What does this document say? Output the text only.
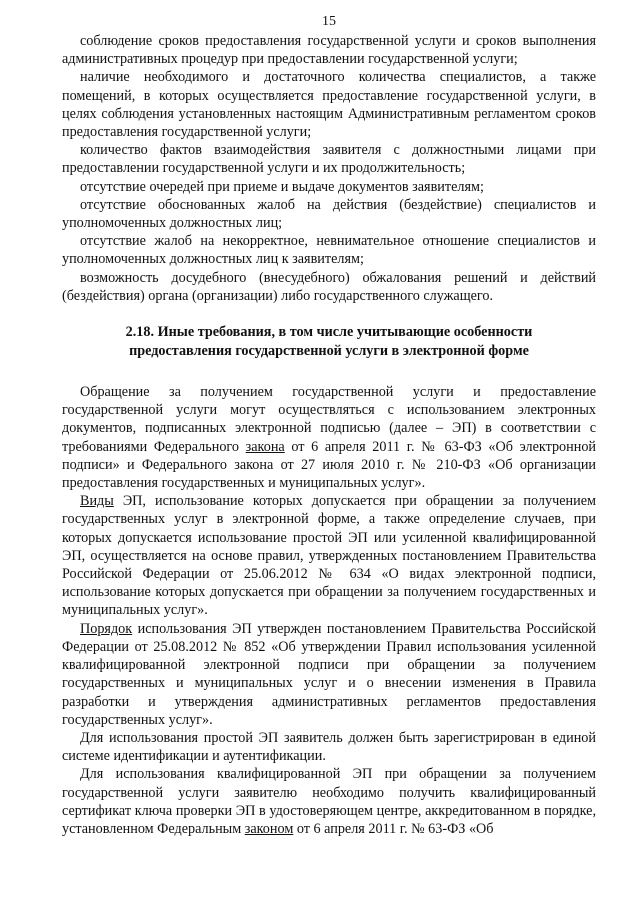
15

соблюдение сроков предоставления государственной услуги и сроков выполнения административных процедур при предоставлении государственной услуги;

наличие необходимого и достаточного количества специалистов, а также помещений, в которых осуществляется предоставление государственной услуги, в целях соблюдения установленных настоящим Административным регламентом сроков предоставления государственной услуги;

количество фактов взаимодействия заявителя с должностными лицами при предоставлении государственной услуги и их продолжительность;

отсутствие очередей при приеме и выдаче документов заявителям;

отсутствие обоснованных жалоб на действия (бездействие) специалистов и уполномоченных должностных лиц;

отсутствие жалоб на некорректное, невнимательное отношение специалистов и уполномоченных должностных лиц к заявителям;

возможность досудебного (внесудебного) обжалования решений и действий (бездействия) органа (организации) либо государственного служащего.

2.18. Иные требования, в том числе учитывающие особенности
предоставления государственной услуги в электронной форме

Обращение за получением государственной услуги и предоставление государственной услуги могут осуществляться с использованием электронных документов, подписанных электронной подписью (далее – ЭП) в соответствии с требованиями Федерального закона от 6 апреля 2011 г. № 63-ФЗ «Об электронной подписи» и Федерального закона от 27 июля 2010 г. № 210-ФЗ «Об организации предоставления государственных и муниципальных услуг».

Виды ЭП, использование которых допускается при обращении за получением государственных услуг в электронной форме, а также определение случаев, при которых допускается использование простой ЭП или усиленной квалифицированной ЭП, осуществляется на основе правил, утвержденных постановлением Правительства Российской Федерации от 25.06.2012 № 634 «О видах электронной подписи, использование которых допускается при обращении за получением государственных и муниципальных услуг».

Порядок использования ЭП утвержден постановлением Правительства Российской Федерации от 25.08.2012 № 852 «Об утверждении Правил использования усиленной квалифицированной электронной подписи при обращении за получением государственных и муниципальных услуг и о внесении изменения в Правила разработки и утверждения административных регламентов предоставления государственных услуг».

Для использования простой ЭП заявитель должен быть зарегистрирован в единой системе идентификации и аутентификации.

Для использования квалифицированной ЭП при обращении за получением государственной услуги заявителю необходимо получить квалифицированный сертификат ключа проверки ЭП в удостоверяющем центре, аккредитованном в порядке, установленном Федеральным законом от 6 апреля 2011 г. № 63-ФЗ «Об
